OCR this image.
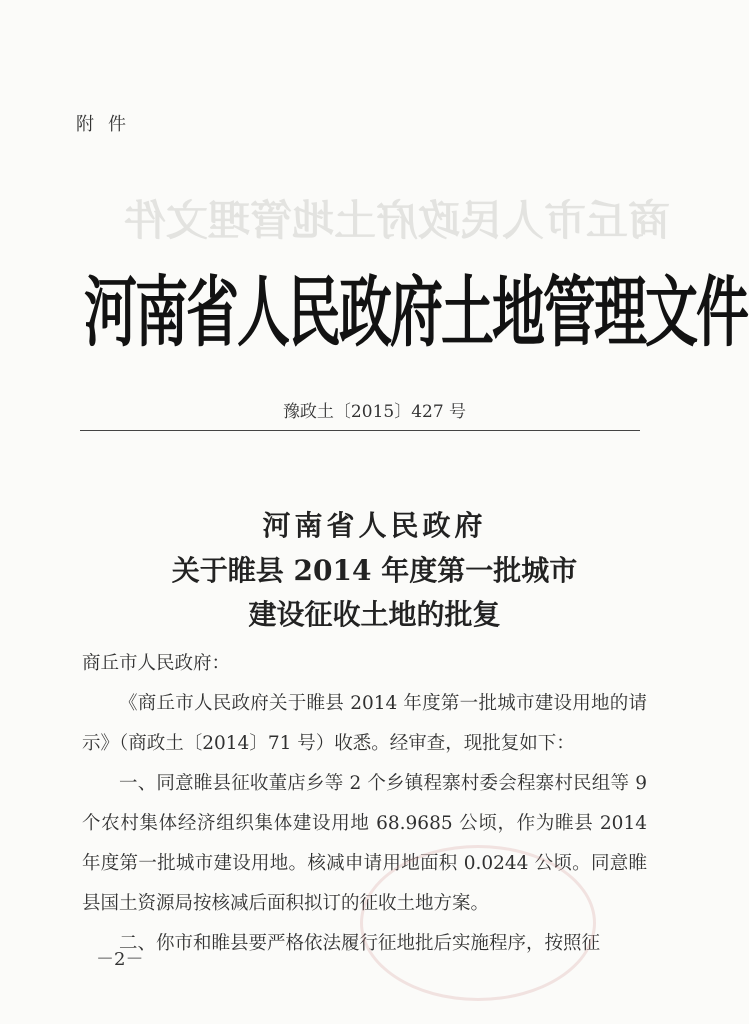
附件
商丘市人民政府土地管理文件
河南省人民政府土地管理文件
豫政土〔2015〕427 号
河南省人民政府
关于睢县 2014 年度第一批城市
建设征收土地的批复
商丘市人民政府：
《商丘市人民政府关于睢县 2014 年度第一批城市建设用地的请示》（商政土〔2014〕71 号）收悉。经审查，现批复如下：
一、同意睢县征收董店乡等 2 个乡镇程寨村委会程寨村民组等 9 个农村集体经济组织集体建设用地 68.9685 公顷，作为睢县 2014 年度第一批城市建设用地。核减申请用地面积 0.0244 公顷。同意睢县国土资源局按核减后面积拟订的征收土地方案。
二、你市和睢县要严格依法履行征地批后实施程序，按照征
－2－
